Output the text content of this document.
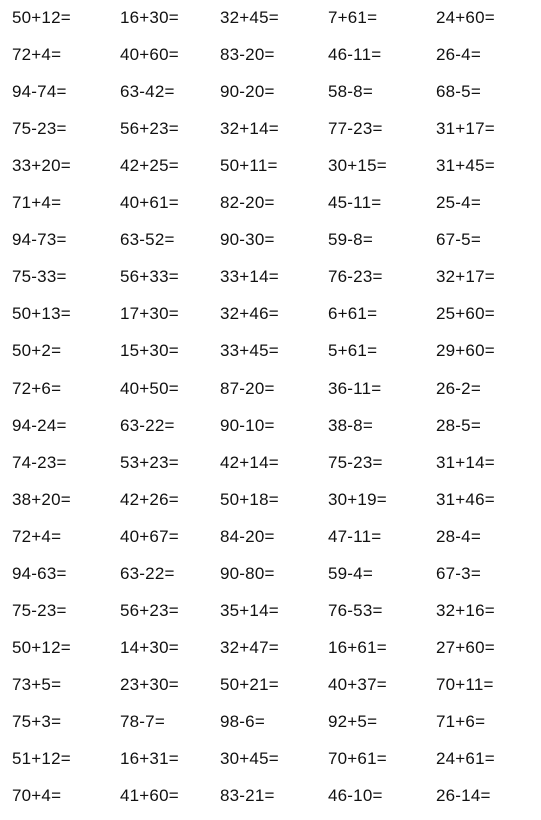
50+12=	16+30= 32+45=	7+61=	24+60=
72+4=	40+60= 83-20=	46-11=	26-4=
94-74=	63-42=	90-20=	58-8=	68-5=
75-23=	56+23= 32+14=	77-23=	31+17=
33+20=	42+25= 50+11=	30+15=	31+45=
71+4=	40+61= 82-20=	45-11=	25-4=
94-73=	63-52=	90-30=	59-8=	67-5=
75-33=	56+33= 33+14=	76-23=	32+17=
50+13=	17+30= 32+46=	6+61=	25+60=
50+2=	15+30= 33+45=	5+61=	29+60=
72+6=	40+50= 87-20=	36-11=	26-2=
94-24=	63-22=	90-10=	38-8=	28-5=
74-23=	53+23= 42+14=	75-23=	31+14=
38+20=	42+26= 50+18=	30+19=	31+46=
72+4=	40+67= 84-20=	47-11=	28-4=
94-63=	63-22=	90-80=	59-4=	67-3=
75-23=	56+23= 35+14=	76-53=	32+16=
50+12=	14+30= 32+47=	16+61=	27+60=
73+5=	23+30= 50+21=	40+37=	70+11=
75+3=	78-7=	98-6=	92+5=	71+6=
51+12=	16+31= 30+45=	70+61=	24+61=
70+4=	41+60= 83-21=	46-10=	26-14=
